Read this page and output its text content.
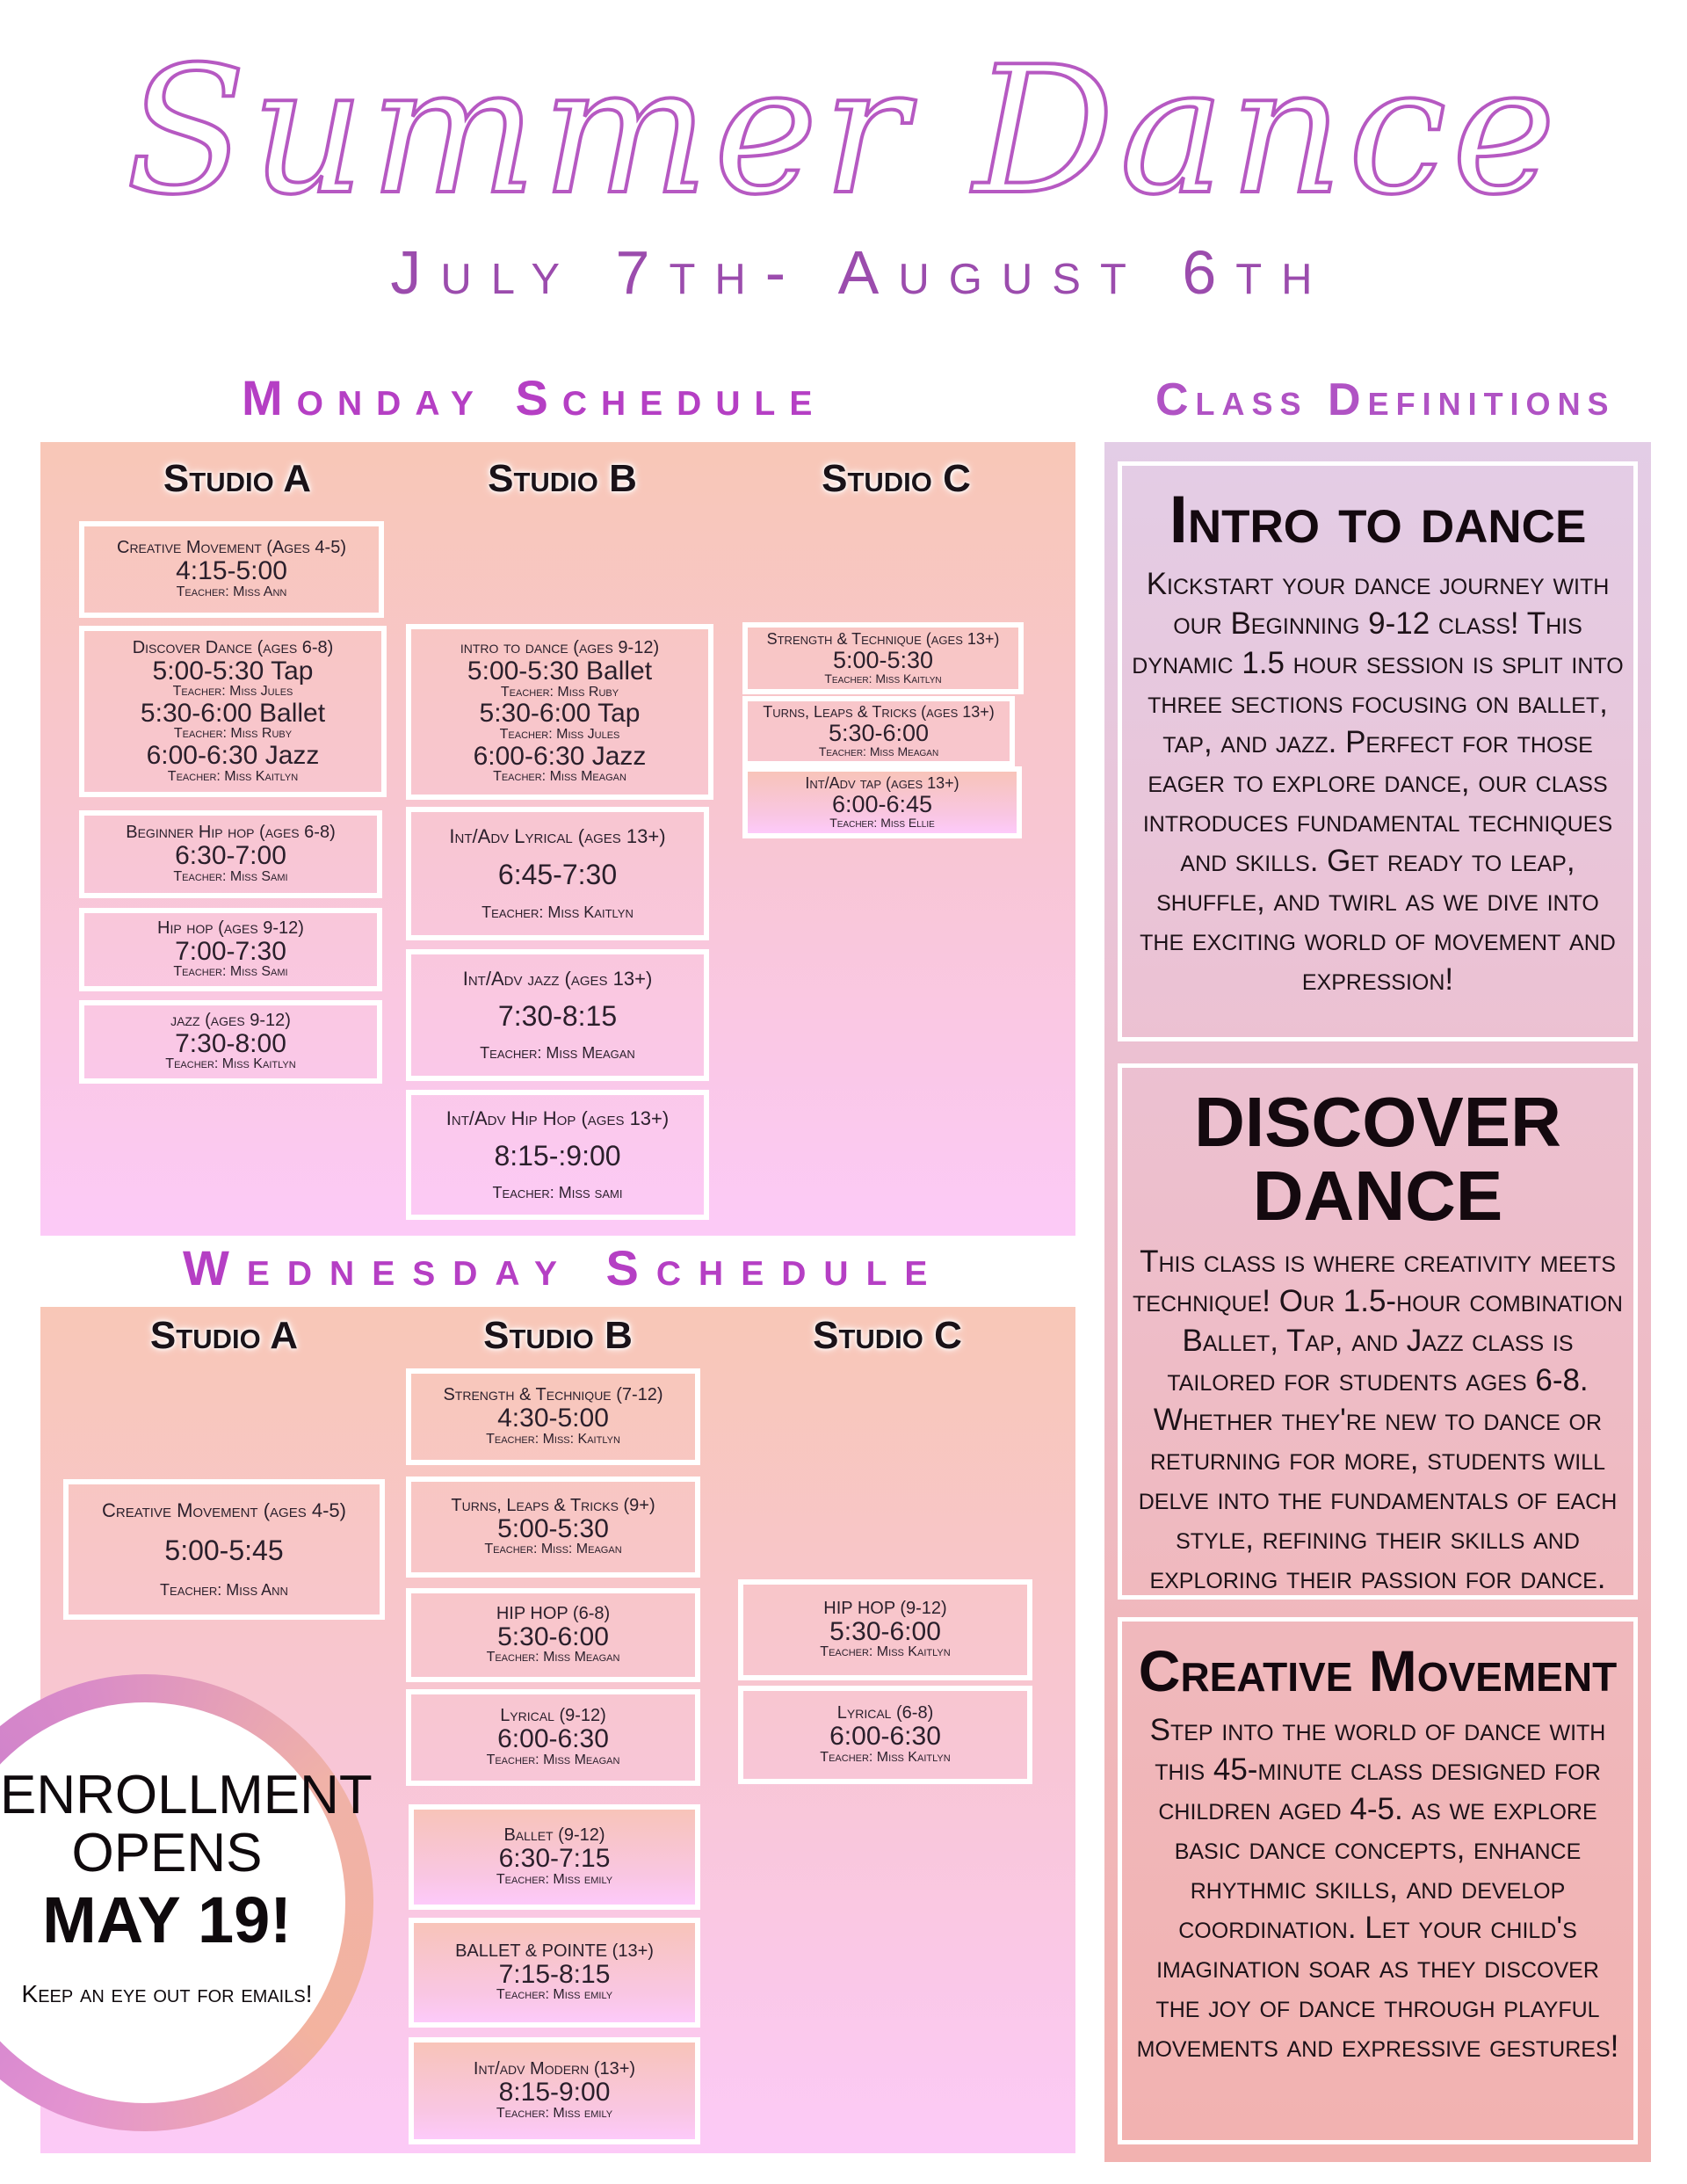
Summer Dance
July 7th- August 6th
Monday Schedule
Wednesday Schedule
Class Definitions
Studio A	Studio B	Studio C
Creative Movement (Ages 4-5)
4:15-5:00
Teacher: Miss Ann
Discover Dance (ages 6-8)
5:00-5:30 Tap
Teacher: Miss Jules
5:30-6:00 Ballet
Teacher: Miss Ruby
6:00-6:30 Jazz
Teacher: Miss Kaitlyn
Beginner Hip hop (ages 6-8)
6:30-7:00
Teacher: Miss Sami
Hip hop (ages 9-12)
7:00-7:30
Teacher: Miss Sami
jazz (ages 9-12)
7:30-8:00
Teacher: Miss Kaitlyn
intro to dance (ages 9-12)
5:00-5:30 Ballet
Teacher: Miss Ruby
5:30-6:00 Tap
Teacher: Miss Jules
6:00-6:30 Jazz
Teacher: Miss Meagan
Int/Adv Lyrical (ages 13+)
6:45-7:30
Teacher: Miss Kaitlyn
Int/Adv jazz (ages 13+)
7:30-8:15
Teacher: Miss Meagan
Int/Adv Hip Hop (ages 13+)
8:15-:9:00
Teacher: Miss sami
Strength & Technique (ages 13+)
5:00-5:30
Teacher: Miss Kaitlyn
Turns, Leaps & Tricks (ages 13+)
5:30-6:00
Teacher: Miss Meagan
Int/Adv tap (ages 13+)
6:00-6:45
Teacher: Miss Ellie
Studio A	Studio B	Studio C
Creative Movement (ages 4-5)
5:00-5:45
Teacher: Miss Ann
Strength & Technique (7-12)
4:30-5:00
Teacher: Miss: Kaitlyn
Turns, Leaps & Tricks (9+)
5:00-5:30
Teacher: Miss: Meagan
HIP HOP (6-8)
5:30-6:00
Teacher: Miss Meagan
Lyrical (9-12)
6:00-6:30
Teacher: Miss Meagan
Ballet (9-12)
6:30-7:15
Teacher: Miss emily
BALLET & POINTE (13+)
7:15-8:15
Teacher: Miss emily
Int/adv Modern (13+)
8:15-9:00
Teacher: Miss emily
HIP HOP (9-12)
5:30-6:00
Teacher: Miss Kaitlyn
Lyrical (6-8)
6:00-6:30
Teacher: Miss Kaitlyn
Intro to dance

Kickstart your dance journey with our Beginning 9-12 class! This dynamic 1.5 hour session is split into three sections focusing on ballet, tap, and jazz. Perfect for those eager to explore dance, our class introduces fundamental techniques and skills. Get ready to leap, shuffle, and twirl as we dive into the exciting world of movement and expression!

DISCOVER DANCE

This class is where creativity meets technique! Our 1.5-hour combination Ballet, Tap, and Jazz class is tailored for students ages 6-8. Whether they're new to dance or returning for more, students will delve into the fundamentals of each style, refining their skills and exploring their passion for dance.

Creative Movement

Step into the world of dance with this 45-minute class designed for children aged 4-5. as we explore basic dance concepts, enhance rhythmic skills, and develop coordination. Let your child's imagination soar as they discover the joy of dance through playful movements and expressive gestures!

ENROLLMENT
OPENS
MAY 19!
Keep an eye out for emails!
